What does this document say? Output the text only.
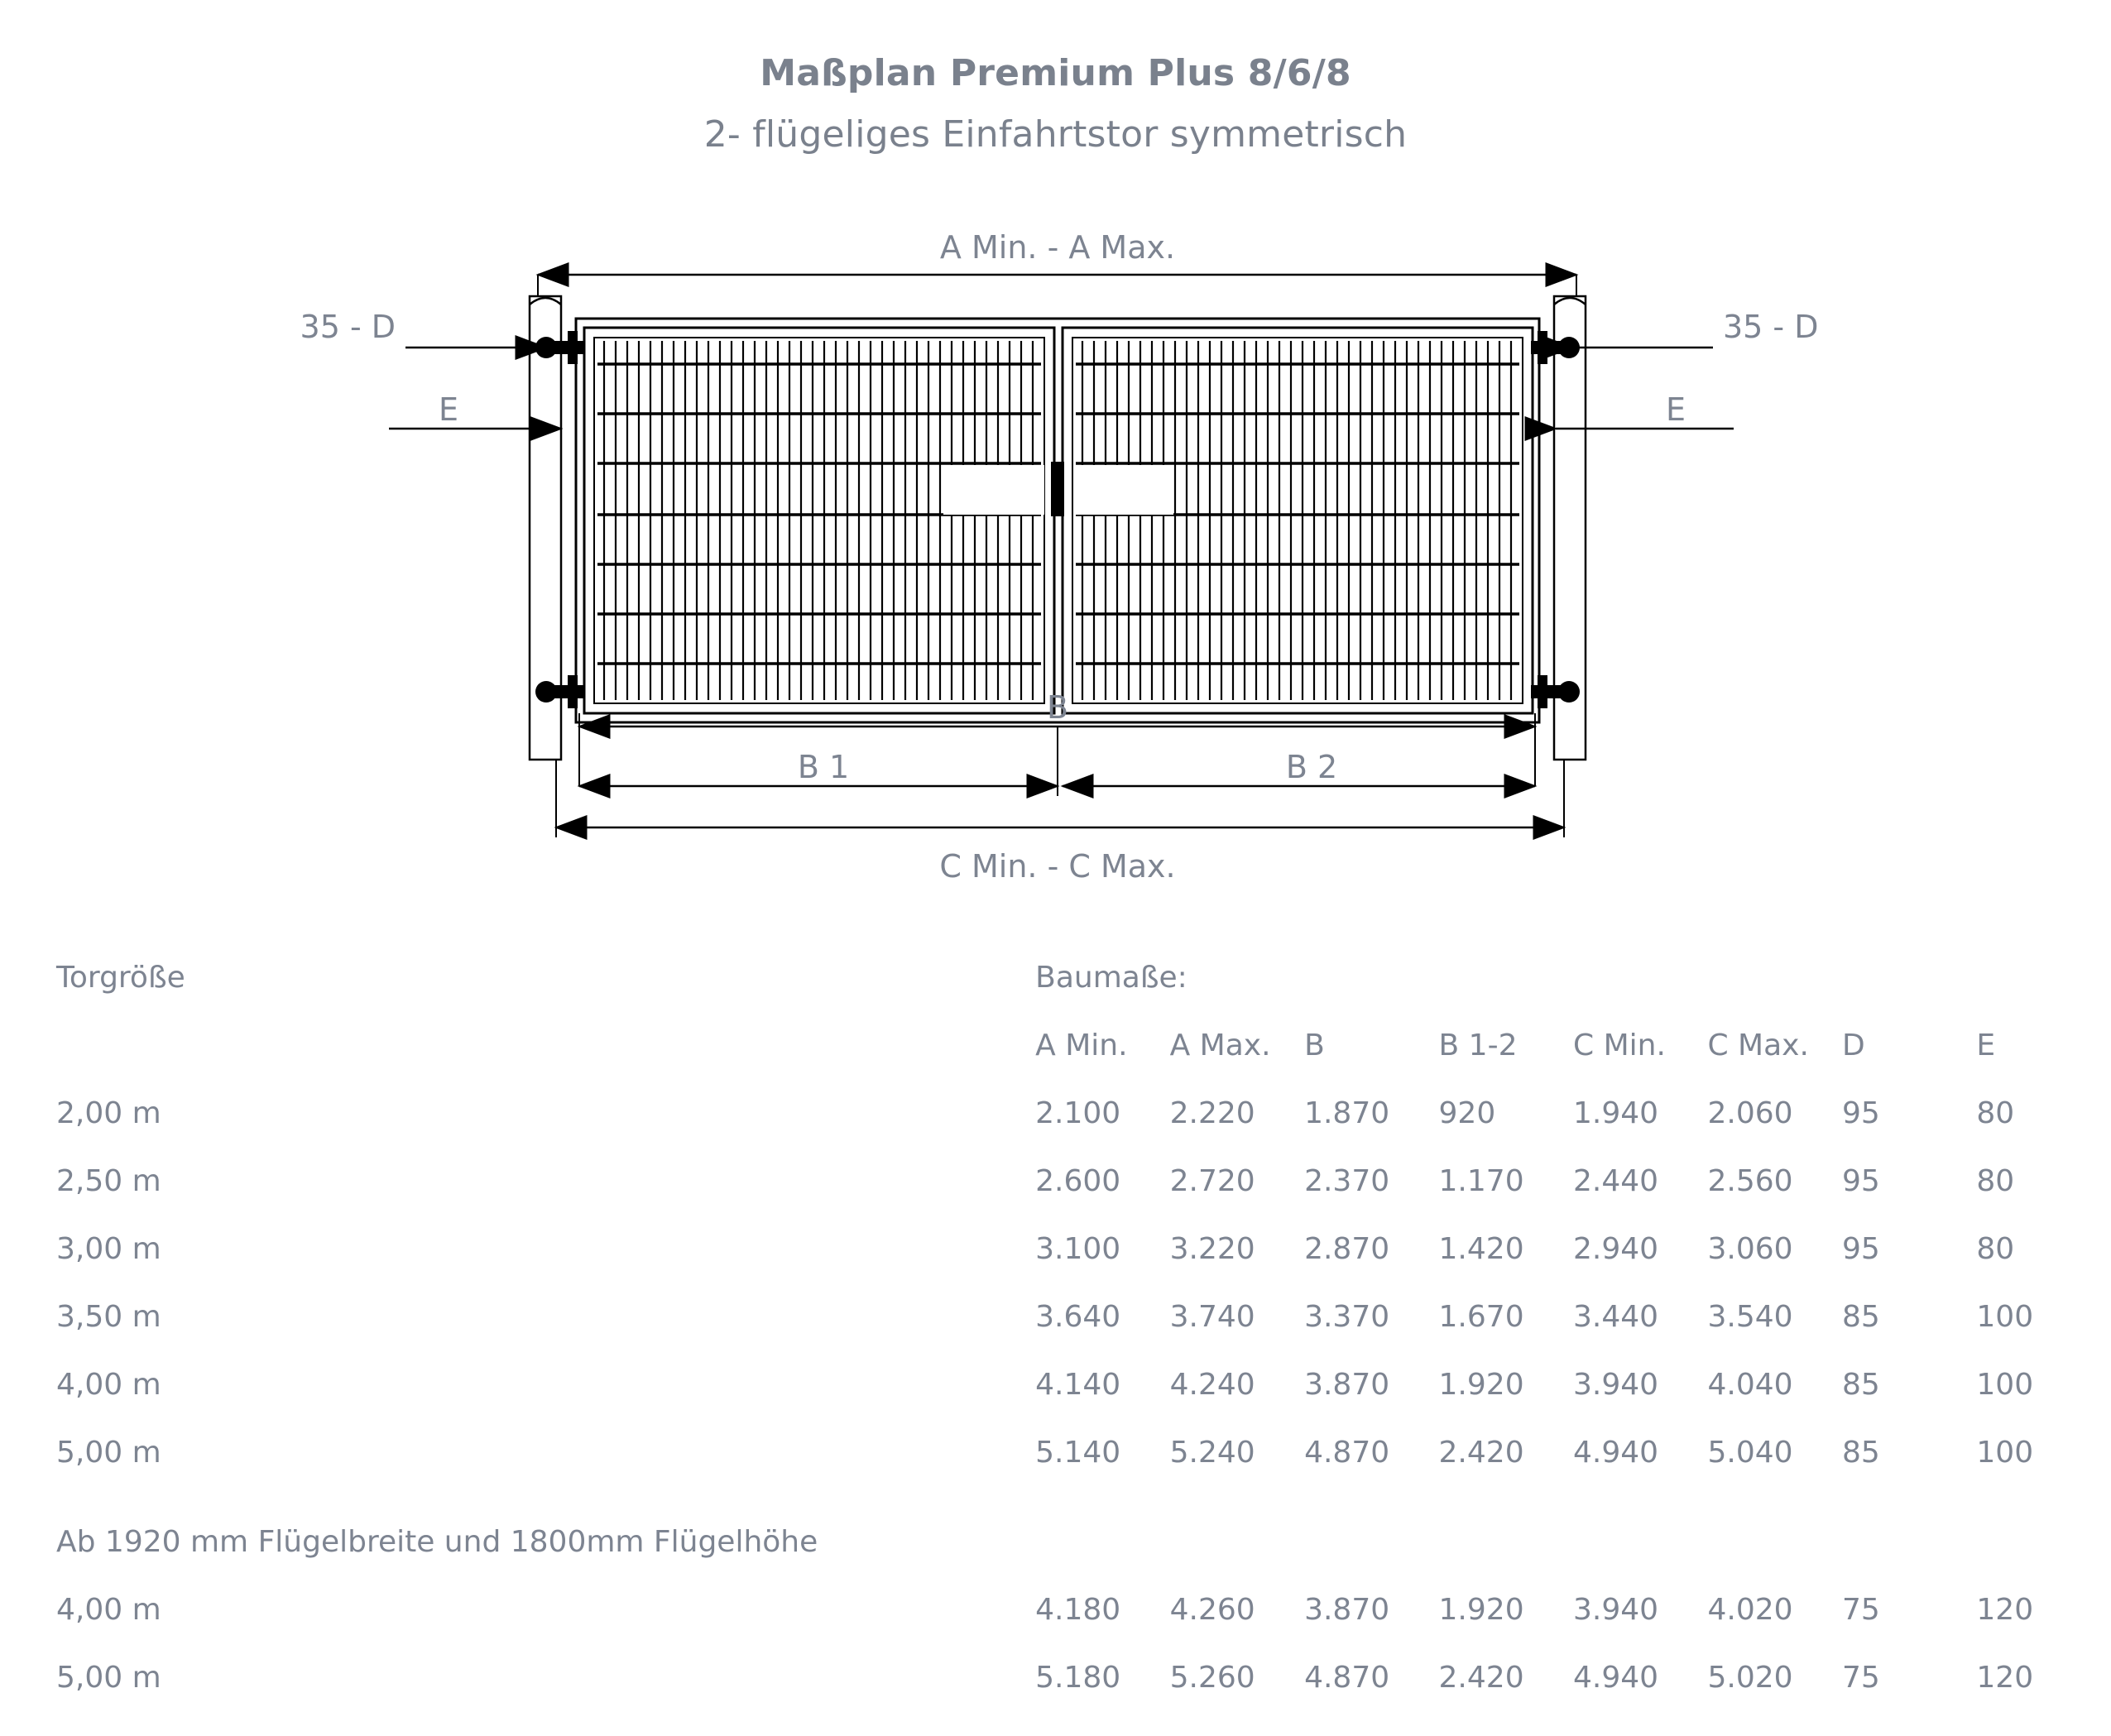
Maßplan Premium Plus 8/6/8
2- flügeliges Einfahrtstor symmetrisch
A Min. - A Max.
35 - D	35 - D
E	E
B
B 1	B 2
C Min. - C Max.
Torgröße	Baumaße:							
	A Min.	A Max.	B	B 1-2	C Min.	C Max.	D	E
2,00 m	2.100	2.220	1.870	920	1.940	2.060	95	80
2,50 m	2.600	2.720	2.370	1.170	2.440	2.560	95	80
3,00 m	3.100	3.220	2.870	1.420	2.940	3.060	95	80
3,50 m	3.640	3.740	3.370	1.670	3.440	3.540	85	100
4,00 m	4.140	4.240	3.870	1.920	3.940	4.040	85	100
5,00 m	5.140	5.240	4.870	2.420	4.940	5.040	85	100
Ab 1920 mm Flügelbreite und 1800mm Flügelhöhe								
4,00 m	4.180	4.260	3.870	1.920	3.940	4.020	75	120
5,00 m	5.180	5.260	4.870	2.420	4.940	5.020	75	120
